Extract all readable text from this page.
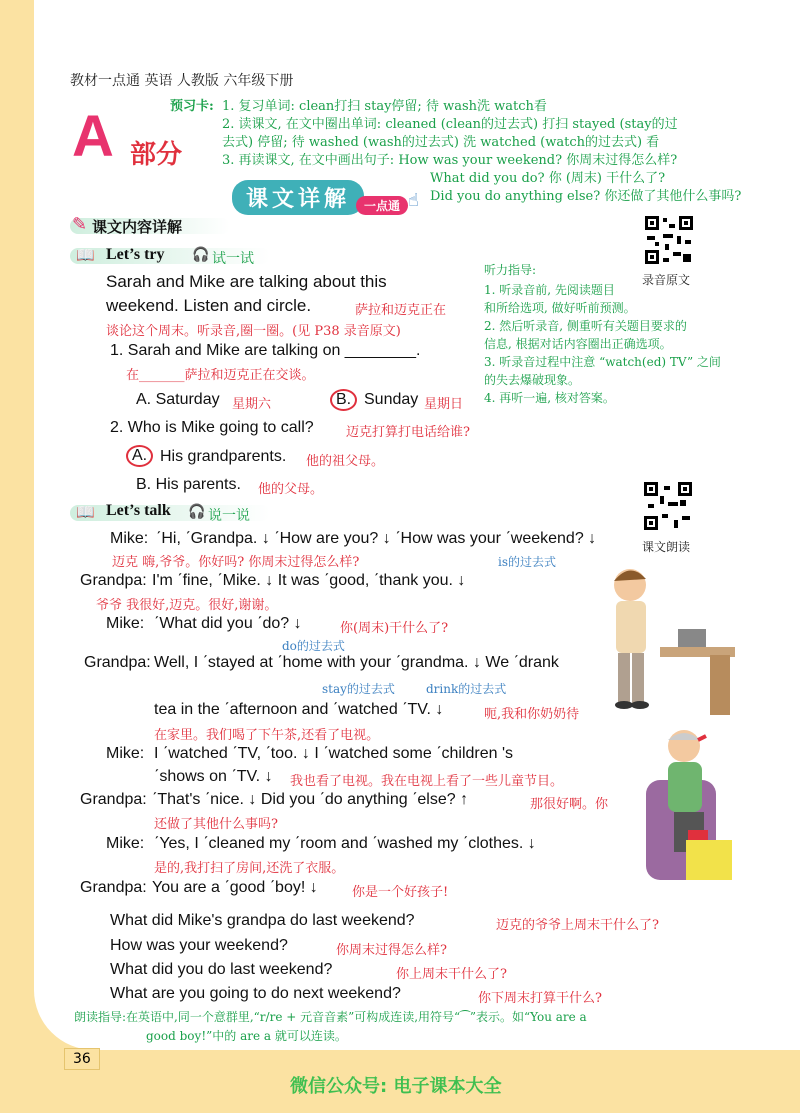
教材一点通 英语 人教版 六年级下册
A 部分
预习卡: 1. 复习单词: clean打扫 stay停留; 待 wash洗 watch看
2. 读课文, 在文中圈出单词: cleaned (clean的过去式) 打扫 stayed (stay的过
去式) 停留; 待 washed (wash的过去式) 洗 watched (watch的过去式) 看
3. 再读课文, 在文中画出句子: How was your weekend? 你周末过得怎么样?
What did you do? 你 (周末) 干什么了?
Did you do anything else? 你还做了其他什么事吗?
课文详解	一点通 ☝
✎ 课文内容详解
录音原文
📖 Let’s try 🎧 试一试
Sarah and Mike are talking about this
weekend. Listen and circle.	萨拉和迈克正在
谈论这个周末。听录音,圈一圈。(见 P38 录音原文)
1. Sarah and Mike are talking on ________.
在_______萨拉和迈克正在交谈。
A. Saturday 星期六	B. Sunday 星期日
2. Who is Mike going to call? 迈克打算打电话给谁?
A. His grandparents. 他的祖父母。
B. His parents. 他的父母。
听力指导:
1. 听录音前, 先阅读题目
和所给选项, 做好听前预测。
2. 然后听录音, 侧重听有关题目要求的
信息, 根据对话内容圈出正确选项。
3. 听录音过程中注意 “watch(ed) TV” 之间
的失去爆破现象。
4. 再听一遍, 核对答案。
课文朗读
📖 Let’s talk 🎧 说一说
Mike: ˊHi, ˊGrandpa. ↓ ˊHow are you? ↓ ˊHow was your ˊweekend? ↓
迈克 嗨,爷爷。你好吗? 你周末过得怎么样?	is的过去式
Grandpa: I'm ˊfine, ˊMike. ↓ It was ˊgood, ˊthank you. ↓
爷爷 我很好,迈克。很好,谢谢。
Mike: ˊWhat did you ˊdo? ↓	你(周末)干什么了?
do的过去式
Grandpa: Well, I ˊstayed at ˊhome with your ˊgrandma. ↓ We ˊdrank
stay的过去式	drink的过去式
tea in the ˊafternoon and ˊwatched ˊTV. ↓	呃,我和你奶奶待
在家里。我们喝了下午茶,还看了电视。
Mike: I ˊwatched ˊTV, ˊtoo. ↓ I ˊwatched some ˊchildren 's
ˊshows on ˊTV. ↓ 我也看了电视。我在电视上看了一些儿童节目。
Grandpa: ˊThat's ˊnice. ↓ Did you ˊdo anything ˊelse? ↑	那很好啊。你
还做了其他什么事吗?
Mike: ˊYes, I ˊcleaned my ˊroom and ˊwashed my ˊclothes. ↓
是的,我打扫了房间,还洗了衣服。
Grandpa: You are a ˊgood ˊboy! ↓	你是一个好孩子!
What did Mike's grandpa do last weekend?	迈克的爷爷上周末干什么了?
How was your weekend?	你周末过得怎么样?
What did you do last weekend?	你上周末干什么了?
What are you going to do next weekend?	你下周末打算干什么?
朗读指导:在英语中,同一个意群里,“r/re + 元音音素”可构成连读,用符号“⁀”表示。如“You are a
good boy!”中的 are a 就可以连读。
36
微信公众号: 电子课本大全
